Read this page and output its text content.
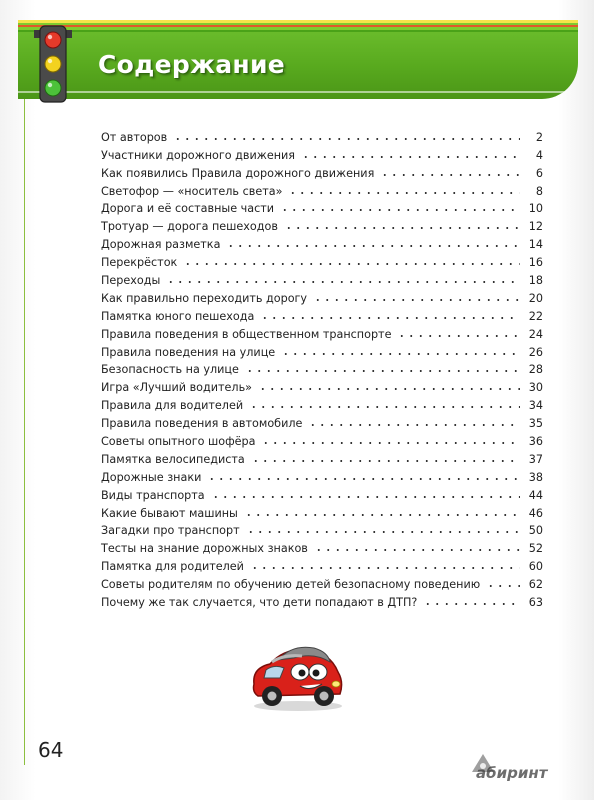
Содержание
От авторов	2
Участники дорожного движения	4
Как появились Правила дорожного движения	6
Светофор — «носитель света»	8
Дорога и её составные части	10
Тротуар — дорога пешеходов	12
Дорожная разметка	14
Перекрёсток	16
Переходы	18
Как правильно переходить дорогу	20
Памятка юного пешехода	22
Правила поведения в общественном транспорте	24
Правила поведения на улице	26
Безопасность на улице	28
Игра «Лучший водитель»	30
Правила для водителей	34
Правила поведения в автомобиле	35
Советы опытного шофёра	36
Памятка велосипедиста	37
Дорожные знаки	38
Виды транспорта	44
Какие бывают машины	46
Загадки про транспорт	50
Тесты на знание дорожных знаков	52
Памятка для родителей	60
Советы родителям по обучению детей безопасному поведению	62
Почему же так случается, что дети попадают в ДТП?	63
64
абиринт
